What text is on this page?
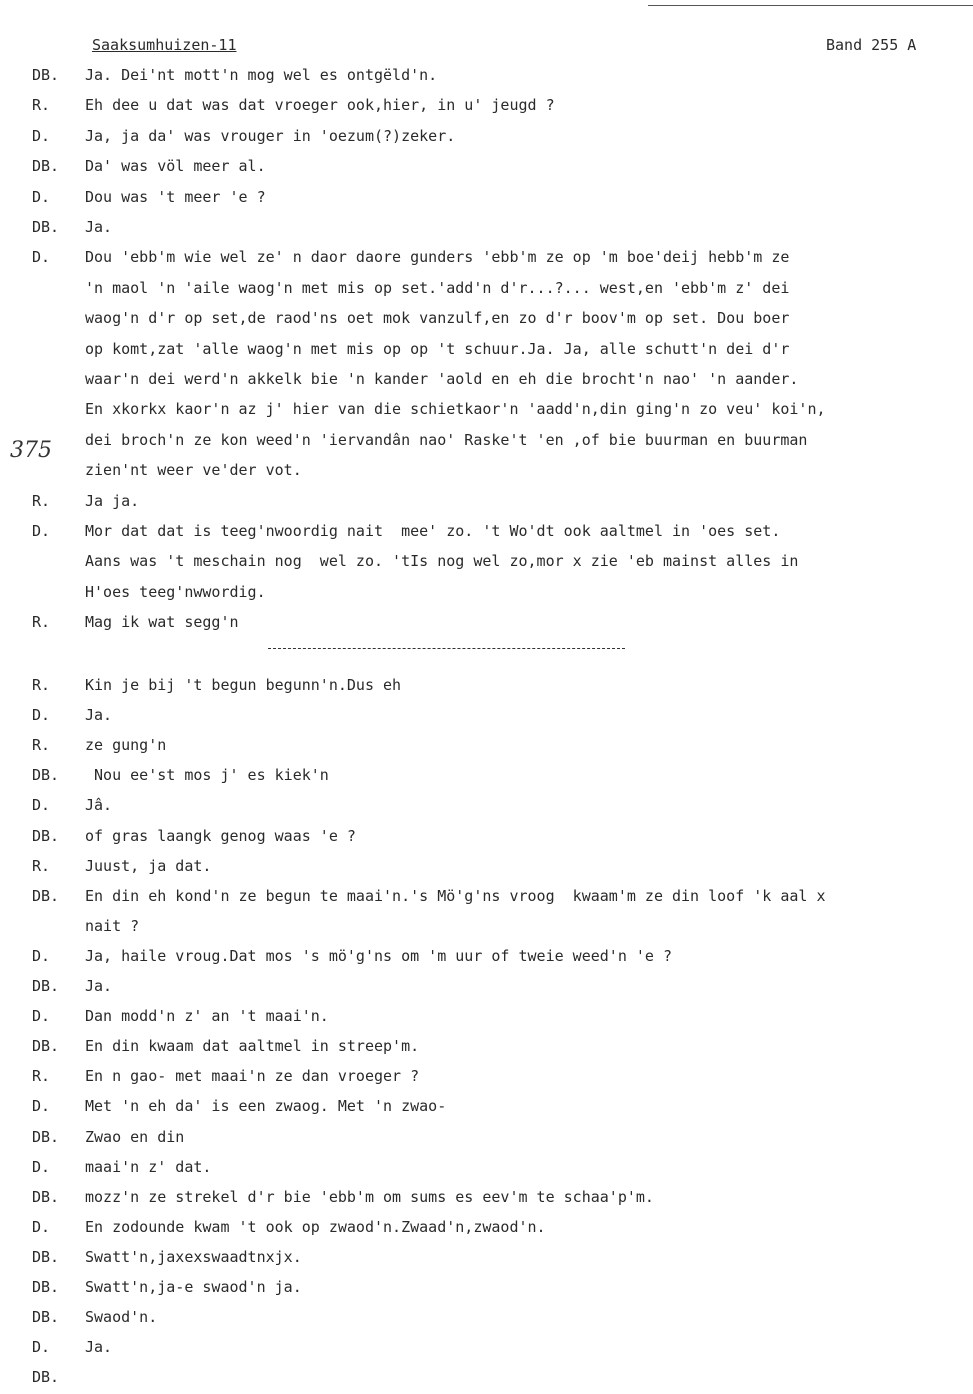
Saaksumhuizen-11	Band 255 A
375
DB. Ja. Dei'nt mott'n mog wel es ontgëld'n.
R. Eh dee u dat was dat vroeger ook,hier, in u' jeugd ?
D. Ja, ja da' was vrouger in 'oezum(?)zeker.
DB. Da' was völ meer al.
D. Dou was 't meer 'e ?
DB. Ja.
D. Dou 'ebb'm wie wel ze' n daor daore gunders 'ebb'm ze op 'm boe'deij hebb'm ze
'n maol 'n 'aile waog'n met mis op set.'add'n d'r...?... west,en 'ebb'm z' dei
waog'n d'r op set,de raod'ns oet mok vanzulf,en zo d'r boov'm op set. Dou boer
op komt,zat 'alle waog'n met mis op op 't schuur.Ja. Ja, alle schutt'n dei d'r
waar'n dei werd'n akkelk bie 'n kander 'aold en eh die brocht'n nao' 'n aander.
En xkorkx kaor'n az j' hier van die schietkaor'n 'aadd'n,din ging'n zo veu' koi'n,
dei broch'n ze kon weed'n 'iervandân nao' Raske't 'en ,of bie buurman en buurman
zien'nt weer ve'der vot.
R. Ja ja.
D. Mor dat dat is teeg'nwoordig nait  mee' zo. 't Wo'dt ook aaltmel in 'oes set.
Aans was 't meschain nog  wel zo. 'tIs nog wel zo,mor x zie 'eb mainst alles in
H'oes teeg'nwwordig.
R. Mag ik wat segg'n
R. Kin je bij 't begun begunn'n.Dus eh
D. Ja.
R. ze gung'n
DB. Nou ee'st mos j' es kiek'n
D. Jâ.
DB. of gras laangk genog waas 'e ?
R. Juust, ja dat.
DB. En din eh kond'n ze begun te maai'n.'s Mö'g'ns vroog  kwaam'm ze din loof 'k aal x
nait ?
D. Ja, haile vroug.Dat mos 's mö'g'ns om 'm uur of tweie weed'n 'e ?
DB. Ja.
D. Dan modd'n z' an 't maai'n.
DB. En din kwaam dat aaltmel in streep'm.
R. En n gao- met maai'n ze dan vroeger ?
D. Met 'n eh da' is een zwaog. Met 'n zwao-
DB. Zwao en din
D. maai'n z' dat.
DB. mozz'n ze strekel d'r bie 'ebb'm om sums es eev'm te schaa'p'm.
D. En zodounde kwam 't ook op zwaod'n.Zwaad'n,zwaod'n.
DB. Swatt'n,jaxexswaadtnxjx.
DB. Swatt'n,ja-e swaod'n ja.
DB. Swaod'n.
D. Ja.
DB.
